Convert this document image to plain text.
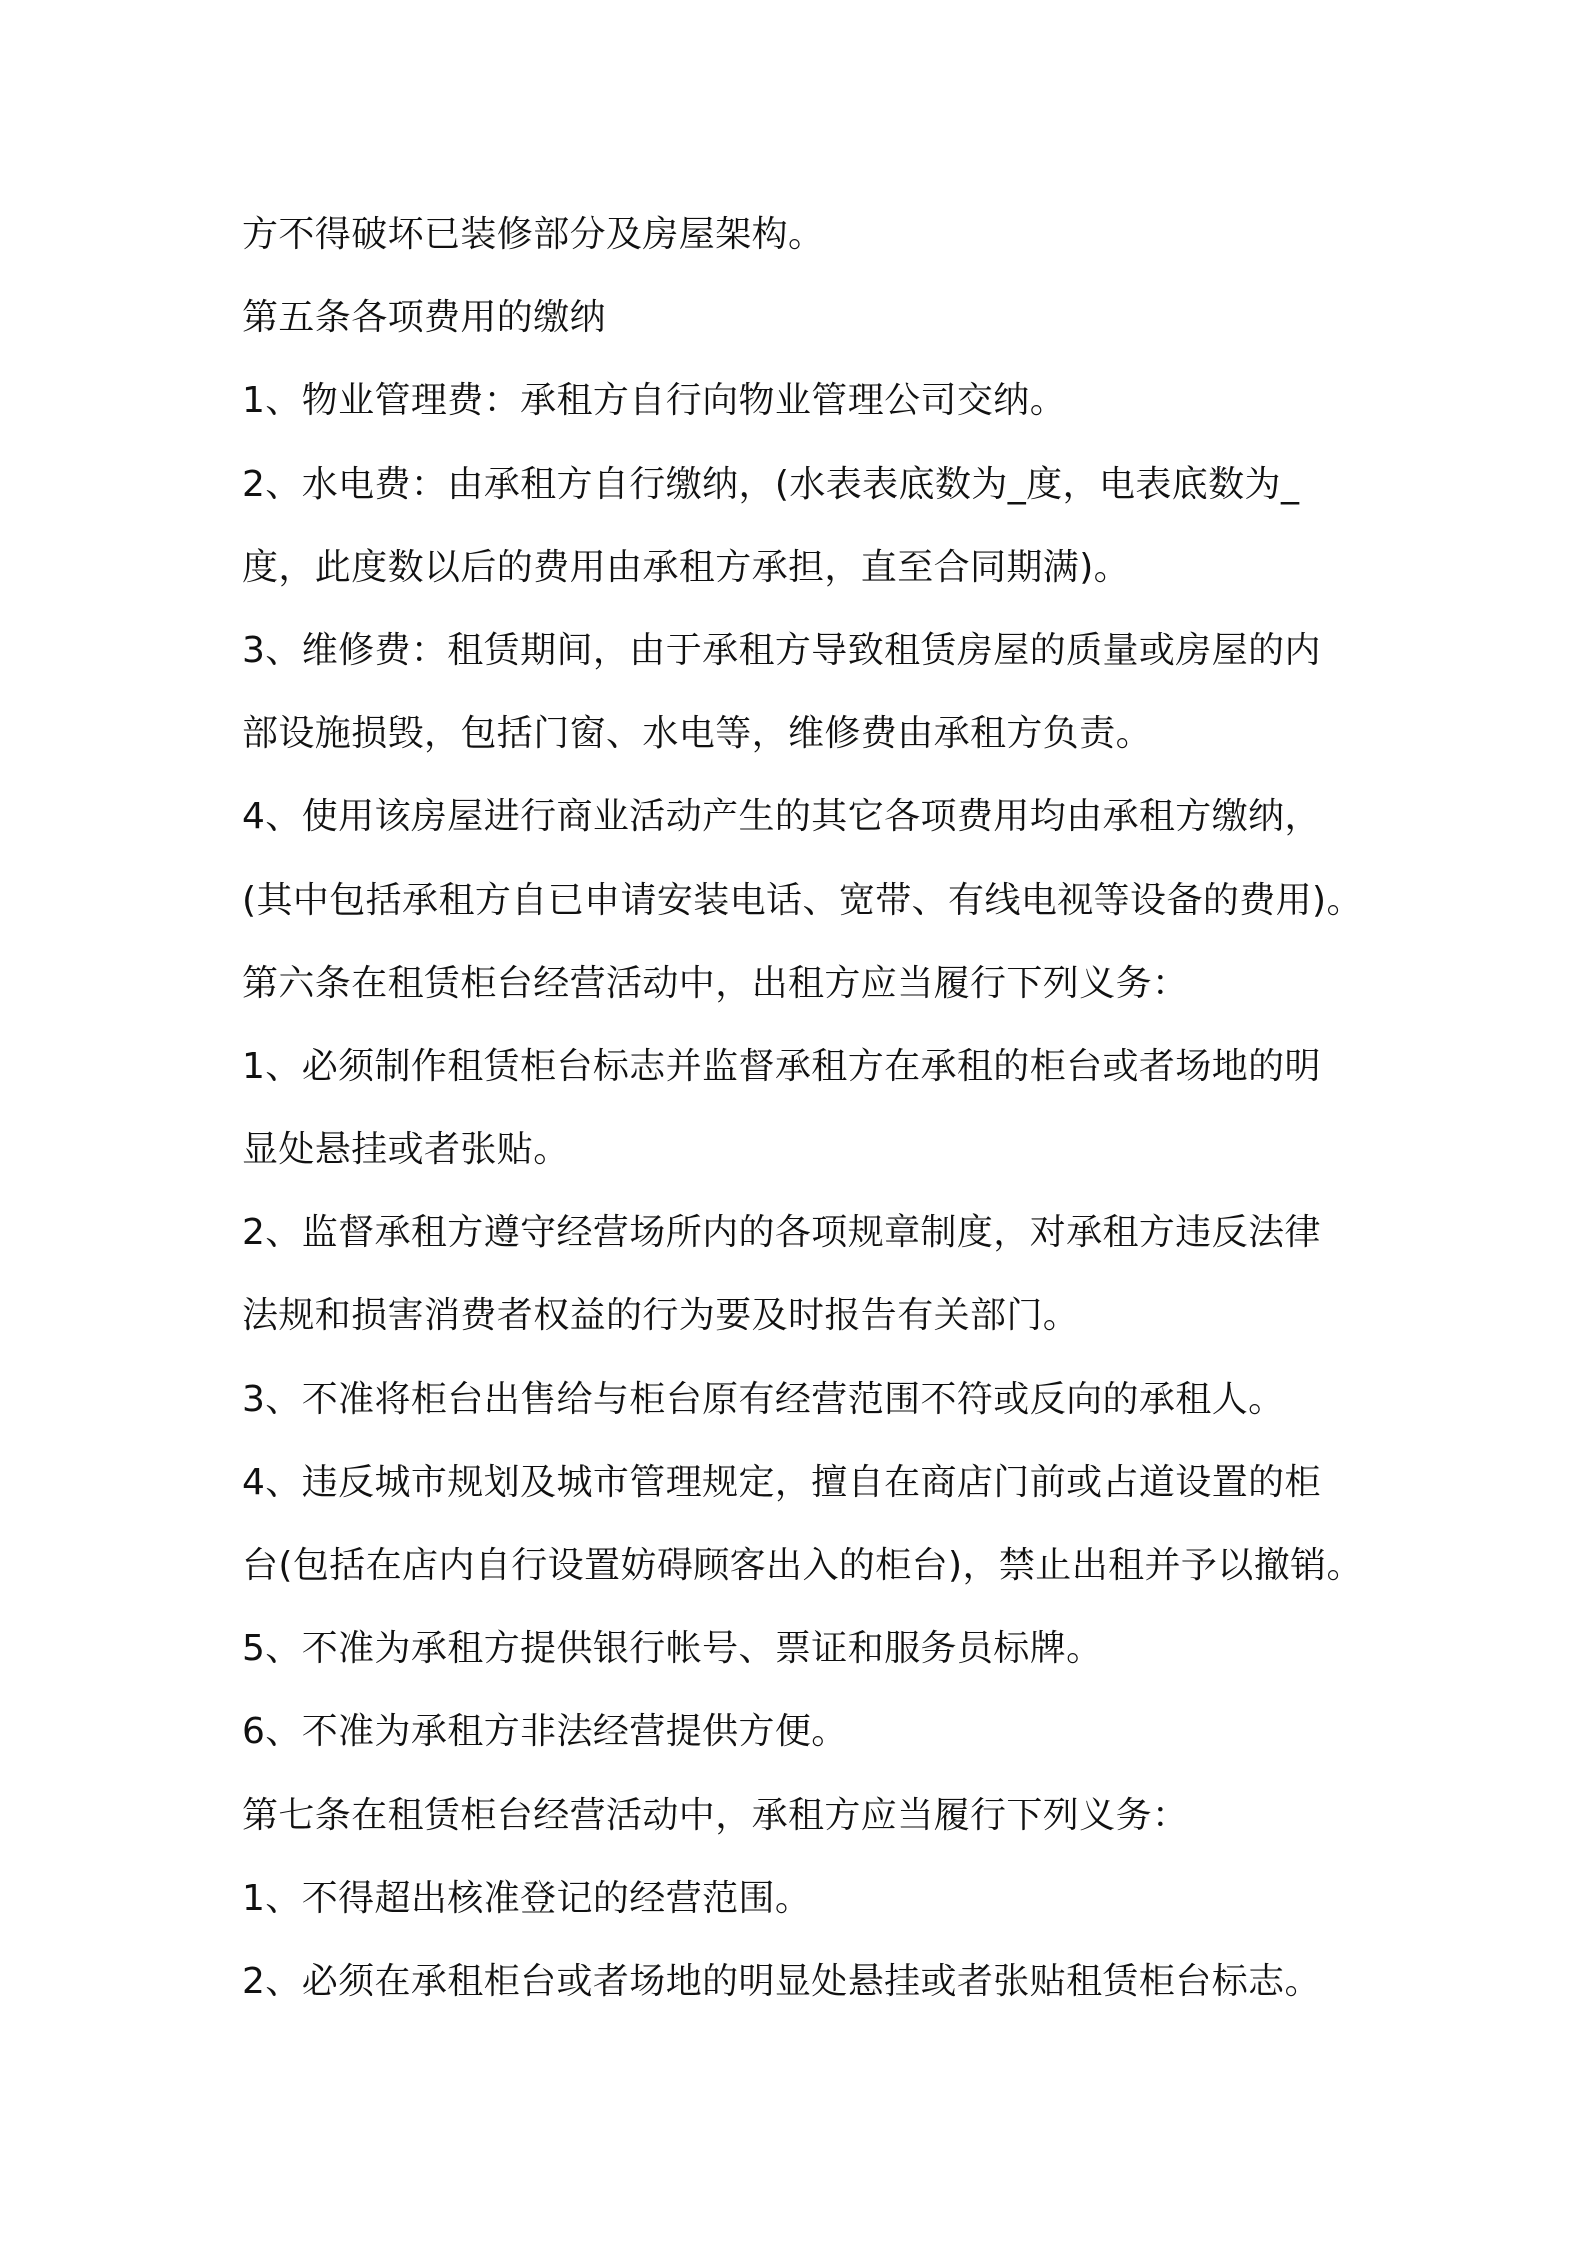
方不得破坏已装修部分及房屋架构。
第五条各项费用的缴纳
1、物业管理费：承租方自行向物业管理公司交纳。
2、水电费：由承租方自行缴纳，(水表表底数为_度，电表底数为_
度，此度数以后的费用由承租方承担，直至合同期满)。
3、维修费：租赁期间，由于承租方导致租赁房屋的质量或房屋的内
部设施损毁，包括门窗、水电等，维修费由承租方负责。
4、使用该房屋进行商业活动产生的其它各项费用均由承租方缴纳，
(其中包括承租方自已申请安装电话、宽带、有线电视等设备的费用)。
第六条在租赁柜台经营活动中，出租方应当履行下列义务：
1、必须制作租赁柜台标志并监督承租方在承租的柜台或者场地的明
显处悬挂或者张贴。
2、监督承租方遵守经营场所内的各项规章制度，对承租方违反法律
法规和损害消费者权益的行为要及时报告有关部门。
3、不准将柜台出售给与柜台原有经营范围不符或反向的承租人。
4、违反城市规划及城市管理规定，擅自在商店门前或占道设置的柜
台(包括在店内自行设置妨碍顾客出入的柜台)，禁止出租并予以撤销。
5、不准为承租方提供银行帐号、票证和服务员标牌。
6、不准为承租方非法经营提供方便。
第七条在租赁柜台经营活动中，承租方应当履行下列义务：
1、不得超出核准登记的经营范围。
2、必须在承租柜台或者场地的明显处悬挂或者张贴租赁柜台标志。
